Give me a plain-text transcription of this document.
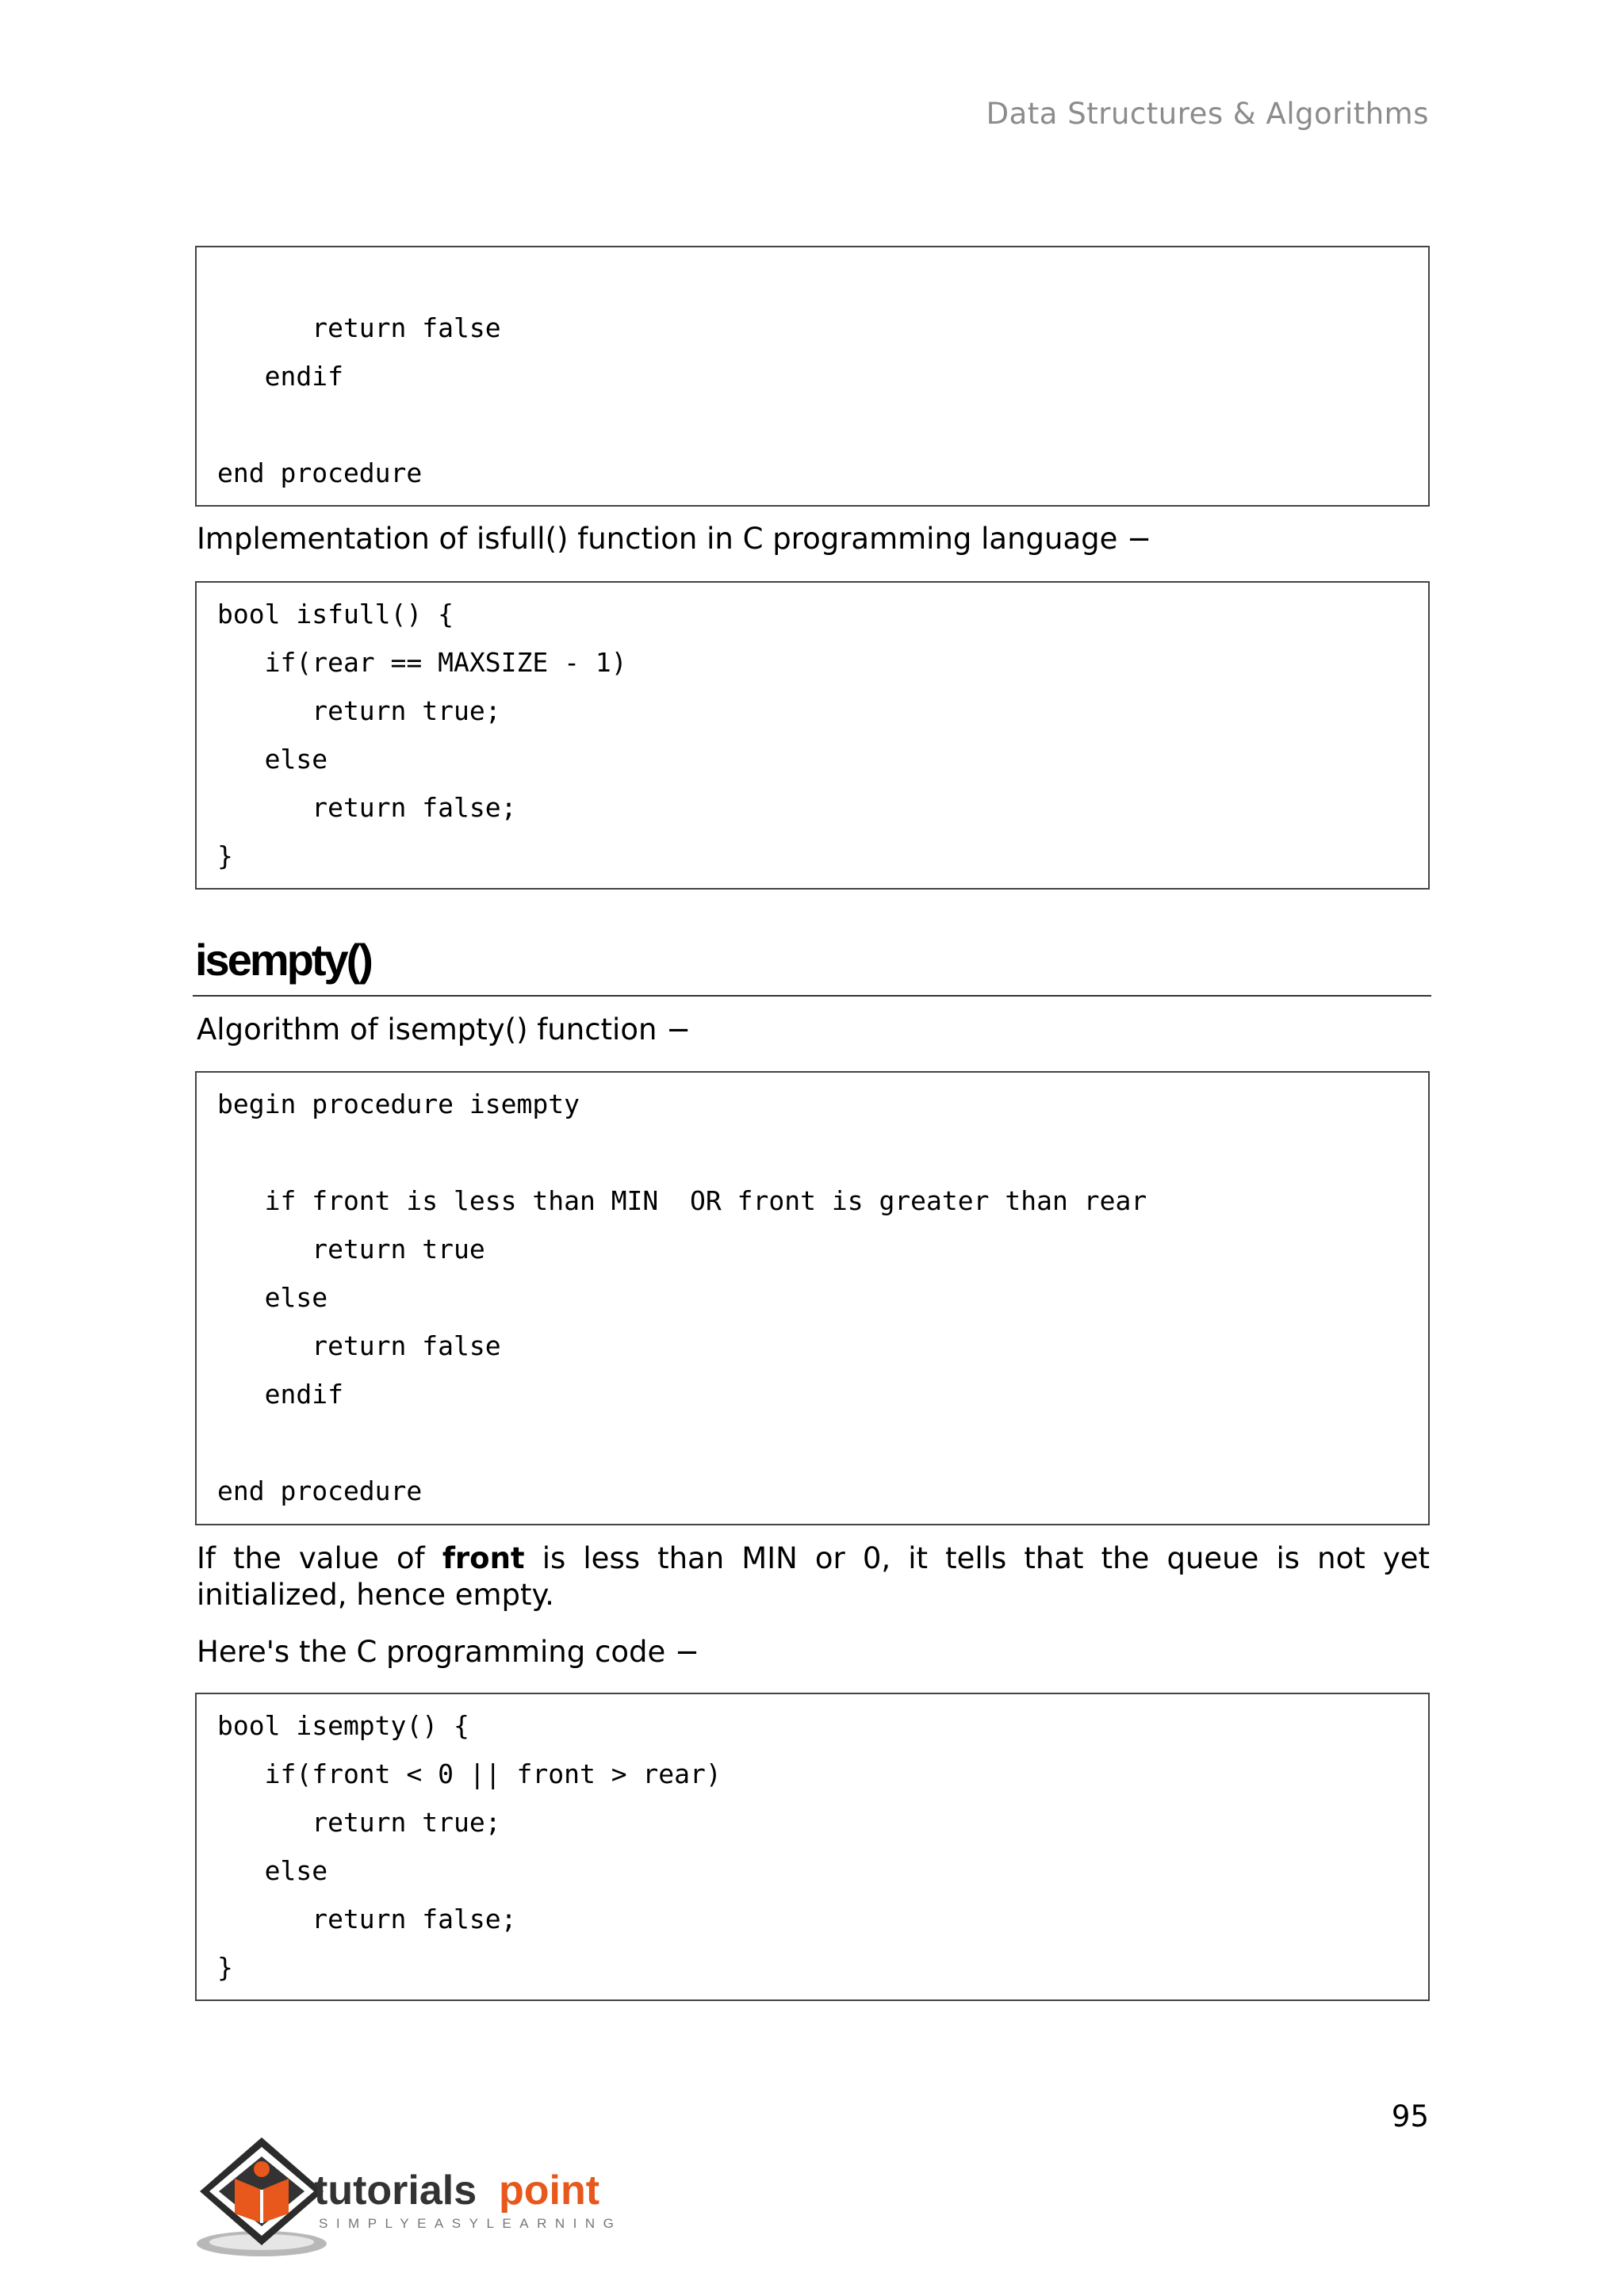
Data Structures & Algorithms
return false
endif
end procedure
Implementation of isfull() function in C programming language −
bool isfull() {
if(rear == MAXSIZE - 1)
return true;
else
return false;
}
isempty()
Algorithm of isempty() function −
begin procedure isempty
if front is less than MIN  OR front is greater than rear
return true
else
return false
endif
end procedure
If the value of front is less than MIN or 0, it tells that the queue is not yet initialized, hence empty.
Here's the C programming code −
bool isempty() {
if(front < 0 || front > rear)
return true;
else
return false;
}
95
tutorials point
SIMPLYEASYLEARNING
